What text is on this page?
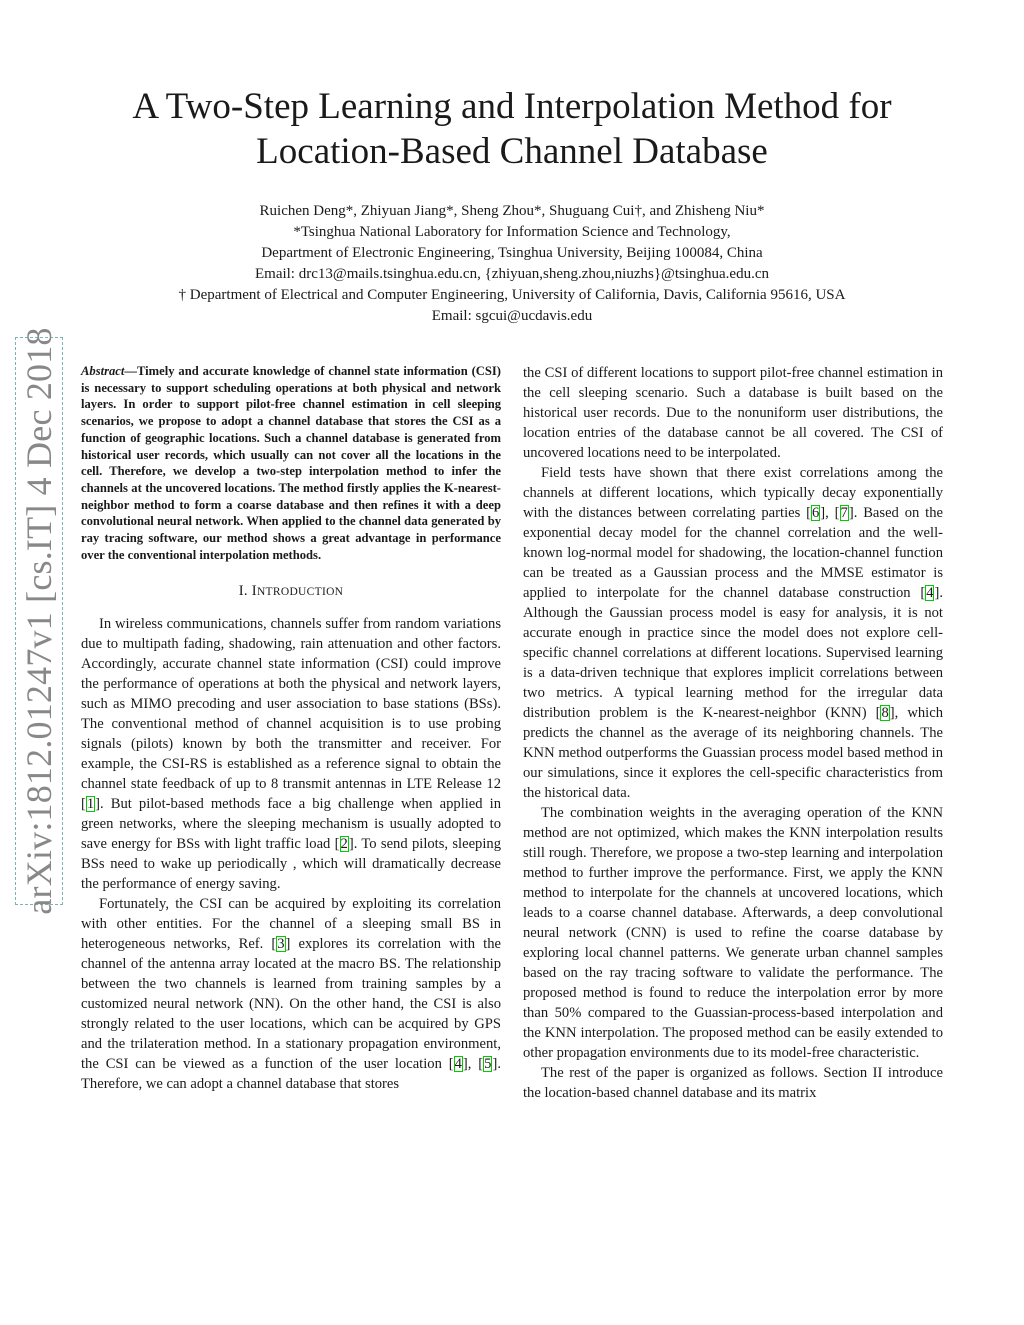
arXiv:1812.01247v1 [cs.IT] 4 Dec 2018
A Two-Step Learning and Interpolation Method for
Location-Based Channel Database
Ruichen Deng*, Zhiyuan Jiang*, Sheng Zhou*, Shuguang Cui†, and Zhisheng Niu*
*Tsinghua National Laboratory for Information Science and Technology,
Department of Electronic Engineering, Tsinghua University, Beijing 100084, China
Email: drc13@mails.tsinghua.edu.cn, {zhiyuan,sheng.zhou,niuzhs}@tsinghua.edu.cn
† Department of Electrical and Computer Engineering, University of California, Davis, California 95616, USA
Email: sgcui@ucdavis.edu
Abstract—Timely and accurate knowledge of channel state information (CSI) is necessary to support scheduling operations at both physical and network layers. In order to support pilot-free channel estimation in cell sleeping scenarios, we propose to adopt a channel database that stores the CSI as a function of geographic locations. Such a channel database is generated from historical user records, which usually can not cover all the locations in the cell. Therefore, we develop a two-step interpolation method to infer the channels at the uncovered locations. The method firstly applies the K-nearest-neighbor method to form a coarse database and then refines it with a deep convolutional neural network. When applied to the channel data generated by ray tracing software, our method shows a great advantage in performance over the conventional interpolation methods.
I. INTRODUCTION

In wireless communications, channels suffer from random variations due to multipath fading, shadowing, rain attenuation and other factors. Accordingly, accurate channel state information (CSI) could improve the performance of operations at both the physical and network layers, such as MIMO precoding and user association to base stations (BSs). The conventional method of channel acquisition is to use probing signals (pilots) known by both the transmitter and receiver. For example, the CSI-RS is established as a reference signal to obtain the channel state feedback of up to 8 transmit antennas in LTE Release 12 [1]. But pilot-based methods face a big challenge when applied in green networks, where the sleeping mechanism is usually adopted to save energy for BSs with light traffic load [2]. To send pilots, sleeping BSs need to wake up periodically , which will dramatically decrease the performance of energy saving.

Fortunately, the CSI can be acquired by exploiting its correlation with other entities. For the channel of a sleeping small BS in heterogeneous networks, Ref. [3] explores its correlation with the channel of the antenna array located at the macro BS. The relationship between the two channels is learned from training samples by a customized neural network (NN). On the other hand, the CSI is also strongly related to the user locations, which can be acquired by GPS and the trilateration method. In a stationary propagation environment, the CSI can be viewed as a function of the user location [4], [5]. Therefore, we can adopt a channel database that stores

the CSI of different locations to support pilot-free channel estimation in the cell sleeping scenario. Such a database is built based on the historical user records. Due to the nonuniform user distributions, the location entries of the database cannot be all covered. The CSI of uncovered locations need to be interpolated.

Field tests have shown that there exist correlations among the channels at different locations, which typically decay exponentially with the distances between correlating parties [6], [7]. Based on the exponential decay model for the channel correlation and the well-known log-normal model for shadowing, the location-channel function can be treated as a Gaussian process and the MMSE estimator is applied to interpolate for the channel database construction [4]. Although the Gaussian process model is easy for analysis, it is not accurate enough in practice since the model does not explore cell-specific channel correlations at different locations. Supervised learning is a data-driven technique that explores implicit correlations between two metrics. A typical learning method for the irregular data distribution problem is the K-nearest-neighbor (KNN) [8], which predicts the channel as the average of its neighboring channels. The KNN method outperforms the Guassian process model based method in our simulations, since it explores the cell-specific characteristics from the historical data.

The combination weights in the averaging operation of the KNN method are not optimized, which makes the KNN interpolation results still rough. Therefore, we propose a two-step learning and interpolation method to further improve the performance. First, we apply the KNN method to interpolate for the channels at uncovered locations, which leads to a coarse channel database. Afterwards, a deep convolutional neural network (CNN) is used to refine the coarse database by exploring local channel patterns. We generate urban channel samples based on the ray tracing software to validate the performance. The proposed method is found to reduce the interpolation error by more than 50% compared to the Guassian-process-based interpolation and the KNN interpolation. The proposed method can be easily extended to other propagation environments due to its model-free characteristic.

The rest of the paper is organized as follows. Section II introduce the location-based channel database and its matrix
